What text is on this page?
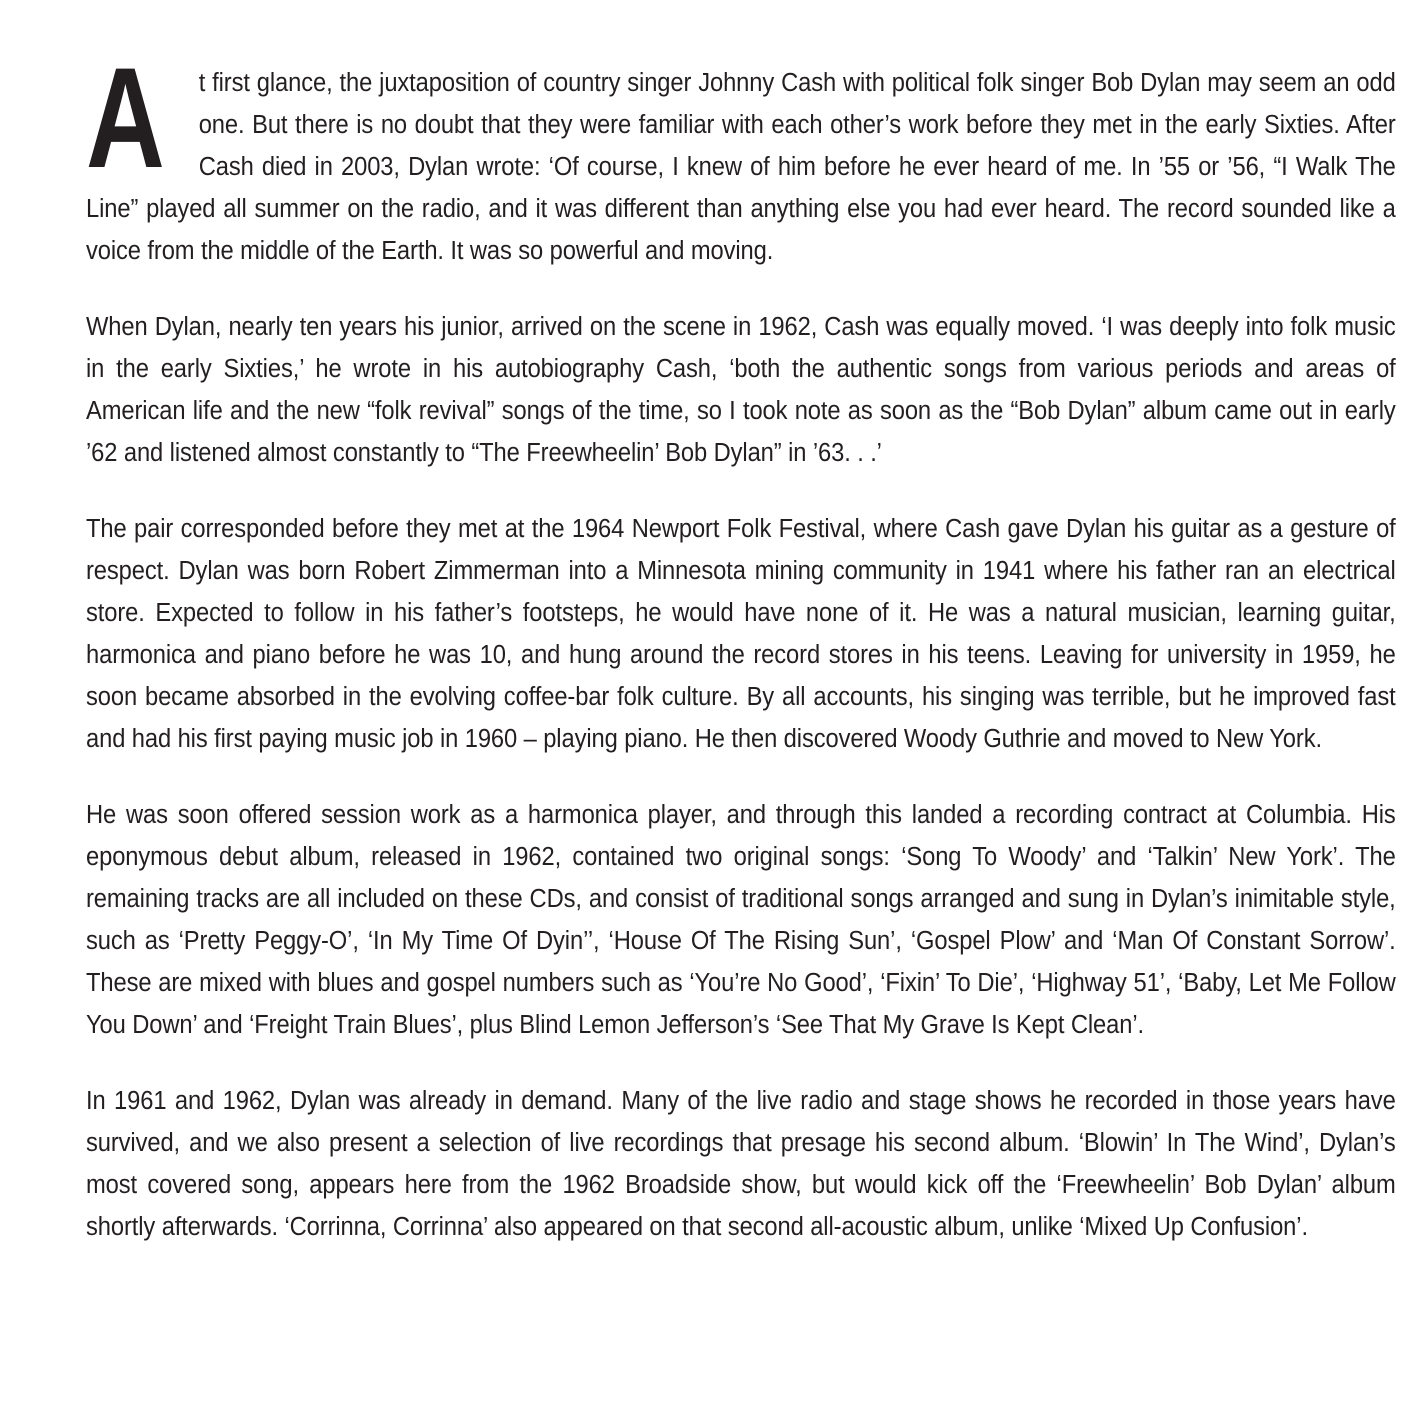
A t first glance, the juxtaposition of country singer Johnny Cash with political folk singer Bob Dylan may seem an odd one. But there is no doubt that they were familiar with each other’s work before they met in the early Sixties. After Cash died in 2003, Dylan wrote: ‘Of course, I knew of him before he ever heard of me. In ’55 or ’56, “I Walk The Line” played all summer on the radio, and it was different than anything else you had ever heard. The record sounded like a voice from the middle of the Earth. It was so powerful and moving.

When Dylan, nearly ten years his junior, arrived on the scene in 1962, Cash was equally moved. ‘I was deeply into folk music in the early Sixties,’ he wrote in his autobiography Cash, ‘both the authentic songs from various periods and areas of American life and the new “folk revival” songs of the time, so I took note as soon as the “Bob Dylan” album came out in early ’62 and listened almost constantly to “The Freewheelin’ Bob Dylan” in ’63. . .’

The pair corresponded before they met at the 1964 Newport Folk Festival, where Cash gave Dylan his guitar as a gesture of respect. Dylan was born Robert Zimmerman into a Minnesota mining community in 1941 where his father ran an electrical store. Expected to follow in his father’s footsteps, he would have none of it. He was a natural musician, learning guitar, harmonica and piano before he was 10, and hung around the record stores in his teens. Leaving for university in 1959, he soon became absorbed in the evolving coffee-bar folk culture. By all accounts, his singing was terrible, but he improved fast and had his first paying music job in 1960 – playing piano. He then discovered Woody Guthrie and moved to New York.

He was soon offered session work as a harmonica player, and through this landed a recording contract at Columbia. His eponymous debut album, released in 1962, contained two original songs: ‘Song To Woody’ and ‘Talkin’ New York’. The remaining tracks are all included on these CDs, and consist of traditional songs arranged and sung in Dylan’s inimitable style, such as ‘Pretty Peggy-O’, ‘In My Time Of Dyin’’, ‘House Of The Rising Sun’, ‘Gospel Plow’ and ‘Man Of Constant Sorrow’. These are mixed with blues and gospel numbers such as ‘You’re No Good’, ‘Fixin’ To Die’, ‘Highway 51’, ‘Baby, Let Me Follow You Down’ and ‘Freight Train Blues’, plus Blind Lemon Jefferson’s ‘See That My Grave Is Kept Clean’.

In 1961 and 1962, Dylan was already in demand. Many of the live radio and stage shows he recorded in those years have survived, and we also present a selection of live recordings that presage his second album. ‘Blowin’ In The Wind’, Dylan’s most covered song, appears here from the 1962 Broadside show, but would kick off the ‘Freewheelin’ Bob Dylan’ album shortly afterwards. ‘Corrinna, Corrinna’ also appeared on that second all-acoustic album, unlike ‘Mixed Up Confusion’.
